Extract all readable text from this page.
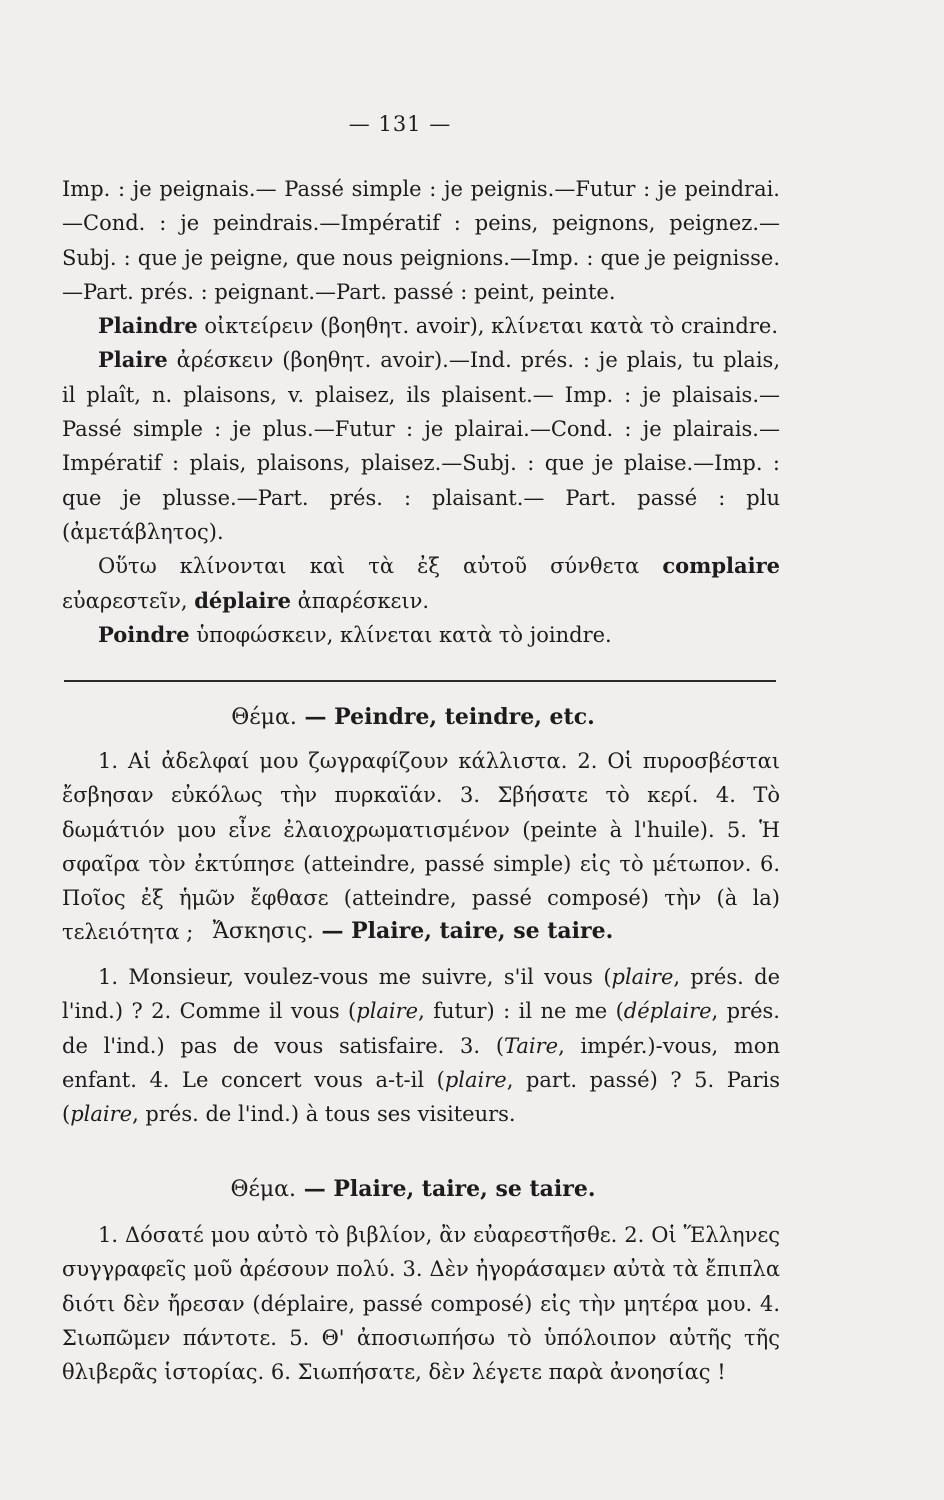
— 131 —

Imp. : je peignais.— Passé simple : je peignis.—Futur : je peindrai.—Cond. : je peindrais.—Impératif : peins, peignons, peignez.—Subj. : que je peigne, que nous peignions.—Imp. : que je peignisse.—Part. prés. : peignant.—Part. passé : peint, peinte.

Plaindre οἰκτείρειν (βοηθητ. avoir), κλίνεται κατὰ τὸ craindre.

Plaire ἀρέσκειν (βοηθητ. avoir).—Ind. prés. : je plais, tu plais, il plaît, n. plaisons, v. plaisez, ils plaisent.— Imp. : je plaisais.—Passé simple : je plus.—Futur : je plairai.—Cond. : je plairais.— Impératif : plais, plaisons, plaisez.—Subj. : que je plaise.—Imp. : que je plusse.—Part. prés. : plaisant.— Part. passé : plu (ἀμετάβλητος).

Οὕτω κλίνονται καὶ τὰ ἐξ αὐτοῦ σύνθετα complaire εὐαρεστεῖν, déplaire ἀπαρέσκειν.

Poindre ὑποφώσκειν, κλίνεται κατὰ τὸ joindre.

Θέμα. — Peindre, teindre, etc.

1. Αἱ ἀδελφαί μου ζωγραφίζουν κάλλιστα. 2. Οἱ πυροσβέσται ἔσβησαν εὐκόλως τὴν πυρκαϊάν. 3. Σβήσατε τὸ κερί. 4. Τὸ δωμάτιόν μου εἶνε ἐλαιοχρωματισμένον (peinte à l'huile). 5. Ἡ σφαῖρα τὸν ἐκτύπησε (atteindre, passé simple) εἰς τὸ μέτωπον. 6. Ποῖος ἐξ ἡμῶν ἔφθασε (atteindre, passé composé) τὴν (à la) τελειότητα ; Ἄσκησις. — Plaire, taire, se taire.

1. Monsieur, voulez-vous me suivre, s'il vous (plaire, prés. de l'ind.) ? 2. Comme il vous (plaire, futur) : il ne me (déplaire, prés. de l'ind.) pas de vous satisfaire. 3. (Taire, impér.)-vous, mon enfant. 4. Le concert vous a-t-il (plaire, part. passé) ? 5. Paris (plaire, prés. de l'ind.) à tous ses visiteurs.

Θέμα. — Plaire, taire, se taire.

1. Δόσατέ μου αὐτὸ τὸ βιβλίον, ἂν εὐαρεστῆσθε. 2. Οἱ Ἕλληνες συγγραφεῖς μοῦ ἀρέσουν πολύ. 3. Δὲν ἠγοράσαμεν αὐτὰ τὰ ἔπιπλα διότι δὲν ἤρεσαν (déplaire, passé composé) εἰς τὴν μητέρα μου. 4. Σιωπῶμεν πάντοτε. 5. Θ' ἀποσιωπήσω τὸ ὑπόλοιπον αὐτῆς τῆς θλιβερᾶς ἱστορίας. 6. Σιωπήσατε, δὲν λέγετε παρὰ ἀνοησίας !
